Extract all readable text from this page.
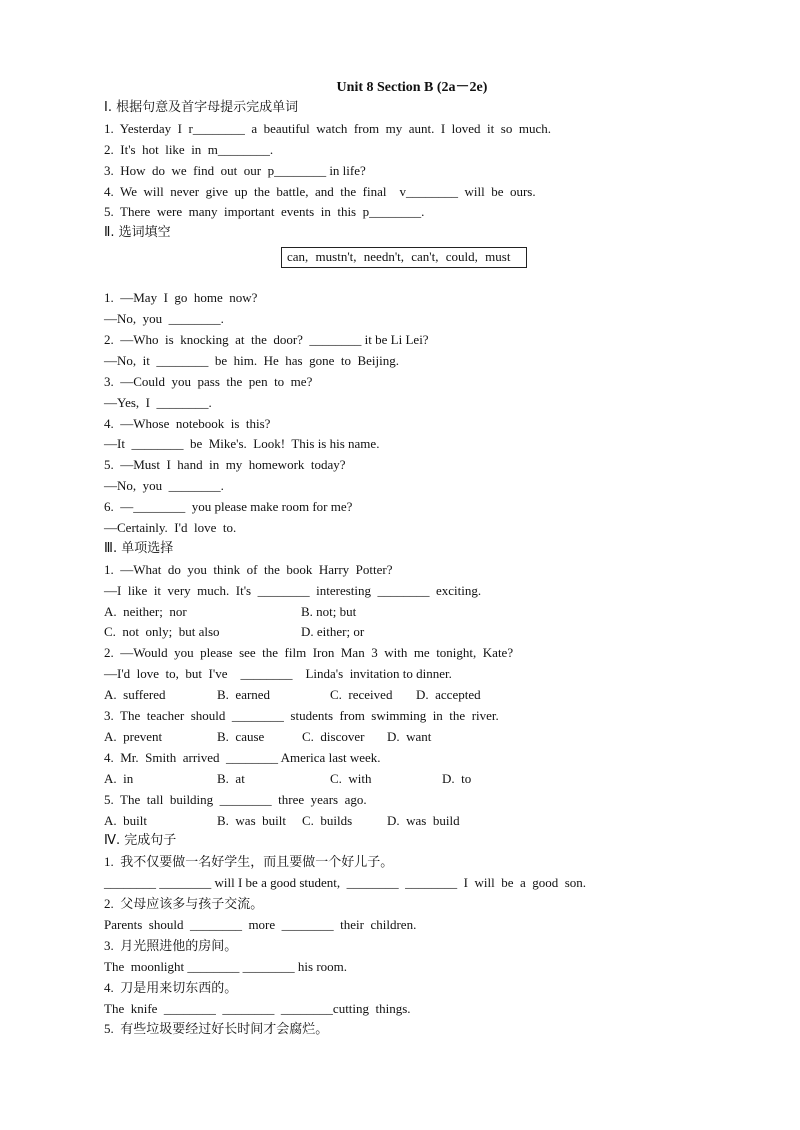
Unit 8 Section B (2a－2e)
Ⅰ. 根据句意及首字母提示完成单词
1.  Yesterday  I  r________  a  beautiful  watch  from  my  aunt.  I  loved  it  so  much.
2.  It's  hot  like  in  m________.
3.  How  do  we  find  out  our  p________ in life?
4.  We  will  never  give  up  the  battle,  and  the  final    v________  will  be  ours.
5.  There  were  many  important  events  in  this  p________.
Ⅱ. 选词填空
can, mustn't, needn't, can't, could, must
1.  —May  I  go  home  now?
—No,  you  ________.
2.  —Who  is  knocking  at  the  door?  ________ it be Li Lei?
—No,  it  ________  be  him.  He  has  gone  to  Beijing.
3.  —Could  you  pass  the  pen  to  me?
—Yes,  I  ________.
4.  —Whose  notebook  is  this?
—It  ________  be  Mike's.  Look!  This is his name.
5.  —Must  I  hand  in  my  homework  today?
—No,  you  ________.
6.  —________  you please make room for me?
—Certainly.  I'd  love  to.
Ⅲ. 单项选择
1.  —What  do  you  think  of  the  book  Harry  Potter?
—I  like  it  very  much.  It's  ________  interesting  ________  exciting.
A.  neither;  nor	B. not; but
C.  not  only;  but also	D. either; or
2.  —Would  you  please  see  the  film  Iron  Man  3  with  me  tonight,  Kate?
—I'd  love  to,  but  I've    ________    Linda's  invitation to dinner.
A.  suffered	B.  earned	C.  received	D.  accepted
3.  The  teacher  should  ________  students  from  swimming  in  the  river.
A.  prevent	B.  cause	C.  discover	D.  want
4.  Mr.  Smith  arrived  ________ America last week.
A.  in	B.  at	C.  with	D.  to
5.  The  tall  building  ________  three  years  ago.
A.  built	B.  was  built	C.  builds	D.  was  build
Ⅳ. 完成句子
1.  我不仅要做一名好学生，而且要做一个好儿子。
________ ________ will I be a good student,  ________  ________  I  will  be  a  good  son.
2.  父母应该多与孩子交流。
Parents  should  ________  more  ________  their  children.
3.  月光照进他的房间。
The  moonlight ________ ________ his room.
4.  刀是用来切东西的。
The  knife  ________  ________  ________cutting  things.
5.  有些垃圾要经过好长时间才会腐烂。
